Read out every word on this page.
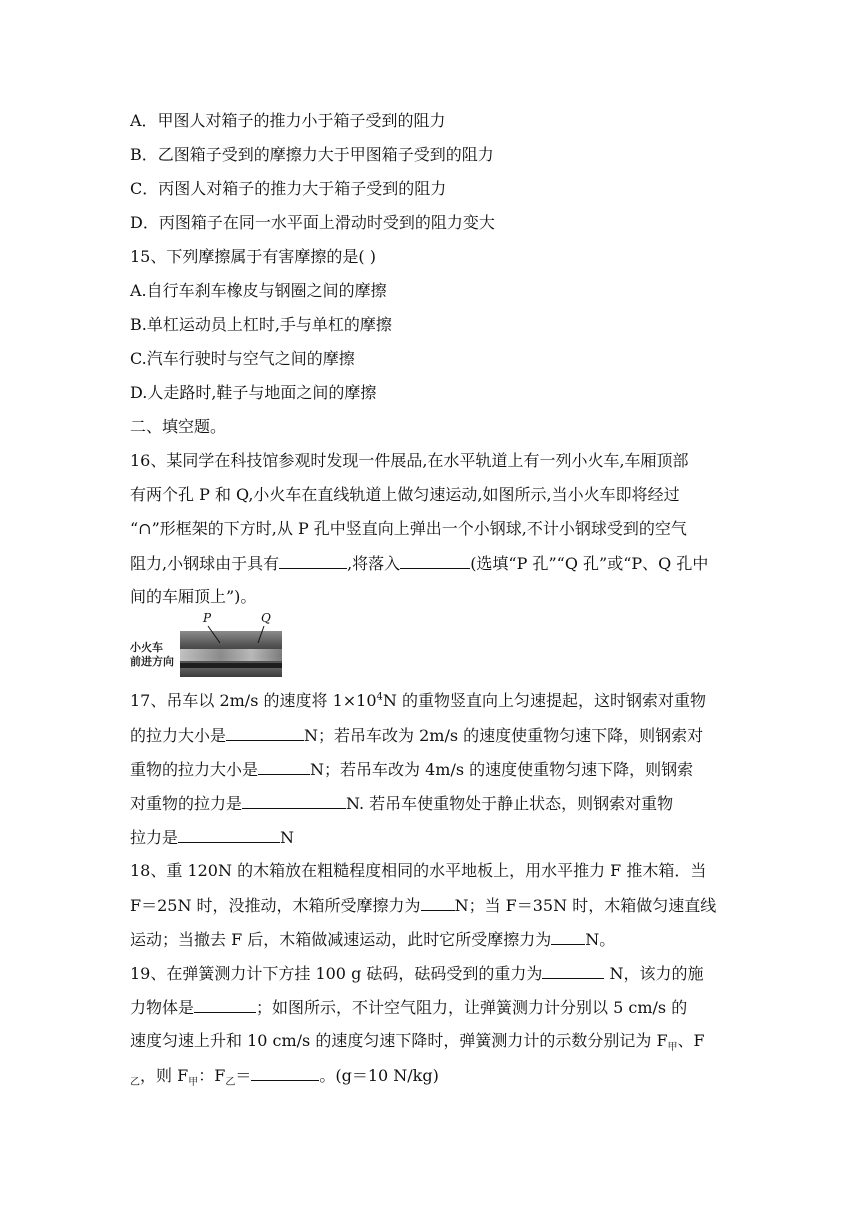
A．甲图人对箱子的推力小于箱子受到的阻力
B．乙图箱子受到的摩擦力大于甲图箱子受到的阻力
C．丙图人对箱子的推力大于箱子受到的阻力
D．丙图箱子在同一水平面上滑动时受到的阻力变大
15、下列摩擦属于有害摩擦的是( )
A.自行车刹车橡皮与钢圈之间的摩擦
B.单杠运动员上杠时,手与单杠的摩擦
C.汽车行驶时与空气之间的摩擦
D.人走路时,鞋子与地面之间的摩擦
二、填空题。
16、某同学在科技馆参观时发现一件展品,在水平轨道上有一列小火车,车厢顶部
有两个孔 P 和 Q,小火车在直线轨道上做匀速运动,如图所示,当小火车即将经过
“∩”形框架的下方时,从 P 孔中竖直向上弹出一个小钢球,不计小钢球受到的空气
阻力,小钢球由于具有	,将落入	(选填“P 孔”“Q 孔”或“P、Q 孔中
间的车厢顶上”)。
小火车
前进方向
P	Q
17、吊车以 2m/s 的速度将 $1\times 10^4N$ 的重物竖直向上匀速提起，这时钢索对重物
的拉力大小是	N；若吊车改为 2m/s 的速度使重物匀速下降，则钢索对
重物的拉力大小是	N；若吊车改为 4m/s 的速度使重物匀速下降，则钢索
对重物的拉力是	N. 若吊车使重物处于静止状态，则钢索对重物
拉力是	N
18、重 120N 的木箱放在粗糙程度相同的水平地板上，用水平推力 F 推木箱．当
F＝25N 时，没推动，木箱所受摩擦力为 N；当 F＝35N 时，木箱做匀速直线
运动；当撤去 F 后，木箱做减速运动，此时它所受摩擦力为 N。
19、在弹簧测力计下方挂 100 g 砝码，砝码受到的重力为	N，该力的施
力物体是	；如图所示，不计空气阻力，让弹簧测力计分别以 5 cm/s 的
速度匀速上升和 10 cm/s 的速度匀速下降时，弹簧测力计的示数分别记为 $F_甲$、F
$_乙$，则 $F_甲$：$F_乙=$	。(g＝10 N/kg)
